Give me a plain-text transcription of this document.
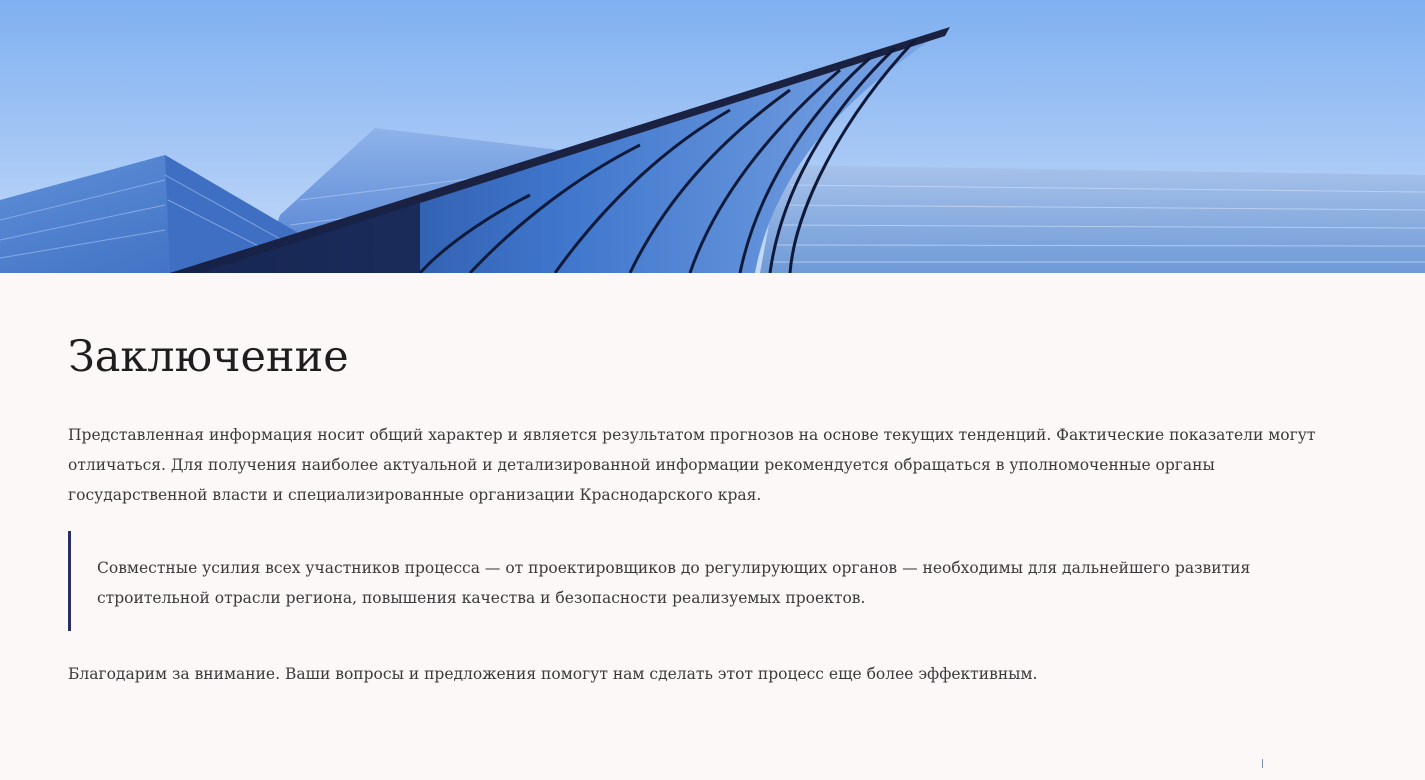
Заключение

Представленная информация носит общий характер и является результатом прогнозов на основе текущих тенденций. Фактические показатели могут отличаться. Для получения наиболее актуальной и детализированной информации рекомендуется обращаться в уполномоченные органы государственной власти и специализированные организации Краснодарского края.

Совместные усилия всех участников процесса — от проектировщиков до регулирующих органов — необходимы для дальнейшего развития строительной отрасли региона, повышения качества и безопасности реализуемых проектов.

Благодарим за внимание. Ваши вопросы и предложения помогут нам сделать этот процесс еще более эффективным.
